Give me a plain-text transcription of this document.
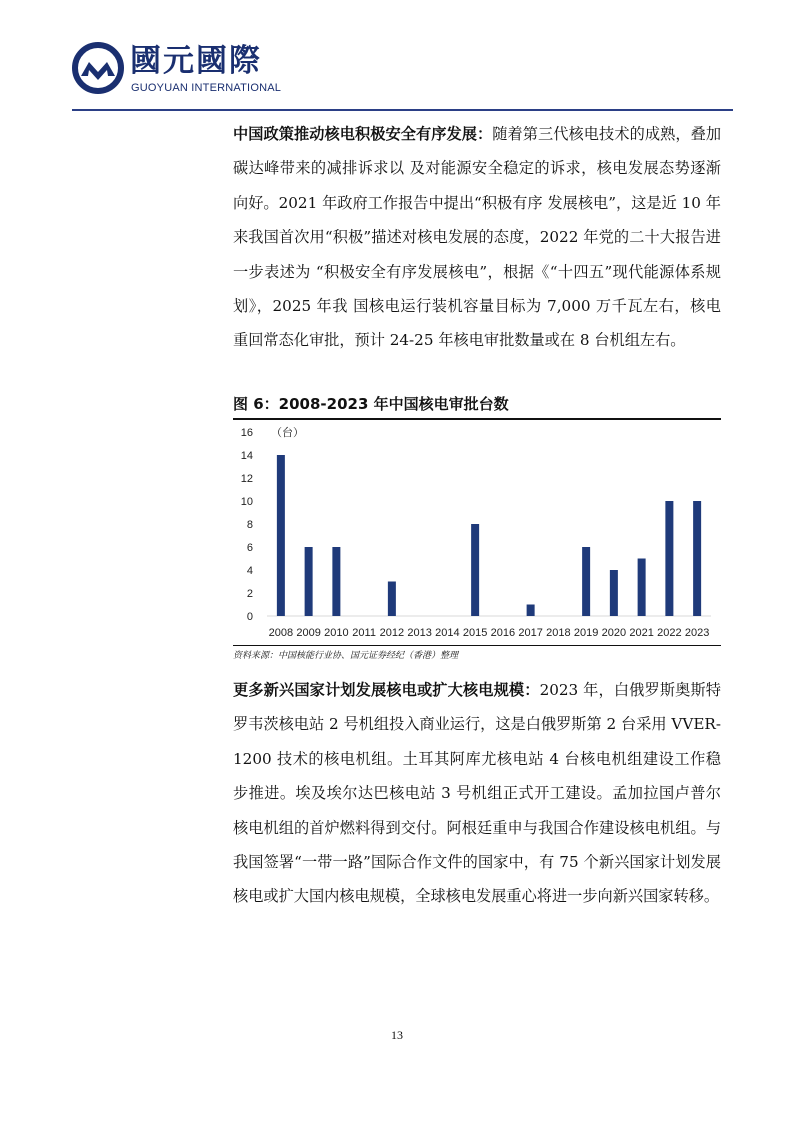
國元國際
GUOYUAN INTERNATIONAL
中国政策推动核电积极安全有序发展：随着第三代核电技术的成熟，叠加碳达峰带来的减排诉求以 及对能源安全稳定的诉求，核电发展态势逐渐向好。2021 年政府工作报告中提出“积极有序 发展核电”，这是近 10 年来我国首次用“积极”描述对核电发展的态度，2022 年党的二十大报告进一步表述为 “积极安全有序发展核电”，根据《“十四五”现代能源体系规划》，2025 年我 国核电运行装机容量目标为 7,000 万千瓦左右，核电重回常态化审批，预计 24-25 年核电审批数量或在 8 台机组左右。
图 6：2008-2023 年中国核电审批台数
0
2
4
6
8
10
12
14
16 （台）
2008 2009 2010 2011 2012 2013 2014 2015 2016 2017 2018 2019 2020 2021 2022 2023
资料来源：中国核能行业协、国元证券经纪（香港）整理
更多新兴国家计划发展核电或扩大核电规模：2023 年，白俄罗斯奥斯特罗韦茨核电站 2 号机组投入商业运行，这是白俄罗斯第 2 台采用 VVER-1200 技术的核电机组。土耳其阿库尤核电站 4 台核电机组建设工作稳步推进。埃及埃尔达巴核电站 3 号机组正式开工建设。孟加拉国卢普尔核电机组的首炉燃料得到交付。阿根廷重申与我国合作建设核电机组。与我国签署“一带一路”国际合作文件的国家中，有 75 个新兴国家计划发展核电或扩大国内核电规模，全球核电发展重心将进一步向新兴国家转移。
13
